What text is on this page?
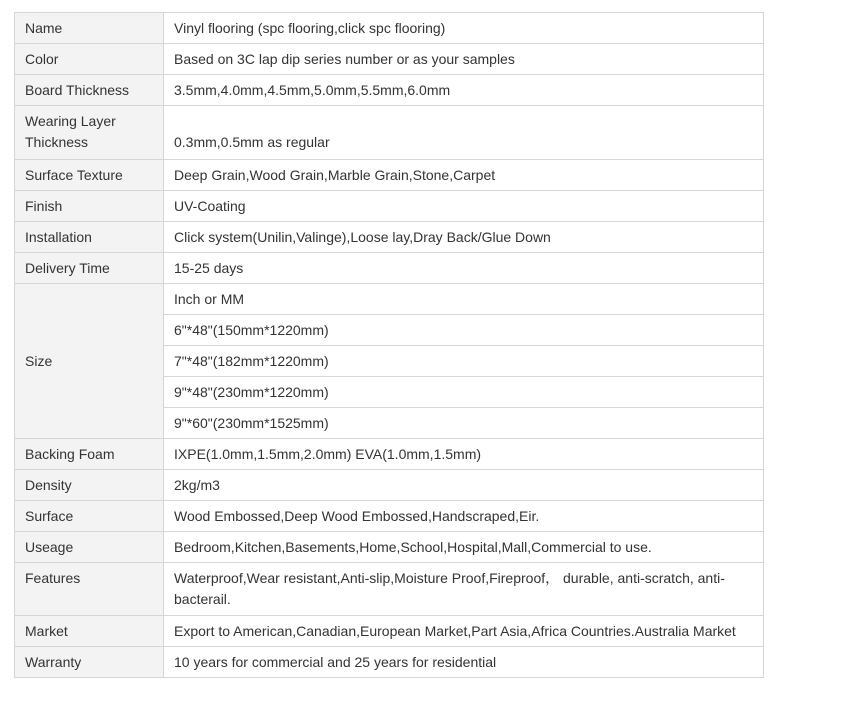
Name	Vinyl flooring (spc flooring,click spc flooring)
Color	Based on 3C lap dip series number or as your samples
Board Thickness	3.5mm,4.0mm,4.5mm,5.0mm,5.5mm,6.0mm
Wearing Layer Thickness	0.3mm,0.5mm as regular
Surface Texture	Deep Grain,Wood Grain,Marble Grain,Stone,Carpet
Finish	UV-Coating
Installation	Click system(Unilin,Valinge),Loose lay,Dray Back/Glue Down
Delivery Time	15-25 days
Size	Inch or MM
	6"*48"(150mm*1220mm)
	7"*48"(182mm*1220mm)
	9"*48"(230mm*1220mm)
	9"*60"(230mm*1525mm)
Backing Foam	IXPE(1.0mm,1.5mm,2.0mm) EVA(1.0mm,1.5mm)
Density	2kg/m3
Surface	Wood Embossed,Deep Wood Embossed,Handscraped,Eir.
Useage	Bedroom,Kitchen,Basements,Home,School,Hospital,Mall,Commercial to use.
Features	Waterproof,Wear resistant,Anti-slip,Moisture Proof,Fireproof， durable, anti-scratch, anti-bacterail.
Market	Export to American,Canadian,European Market,Part Asia,Africa Countries.Australia Market
Warranty	10 years for commercial and 25 years for residential
